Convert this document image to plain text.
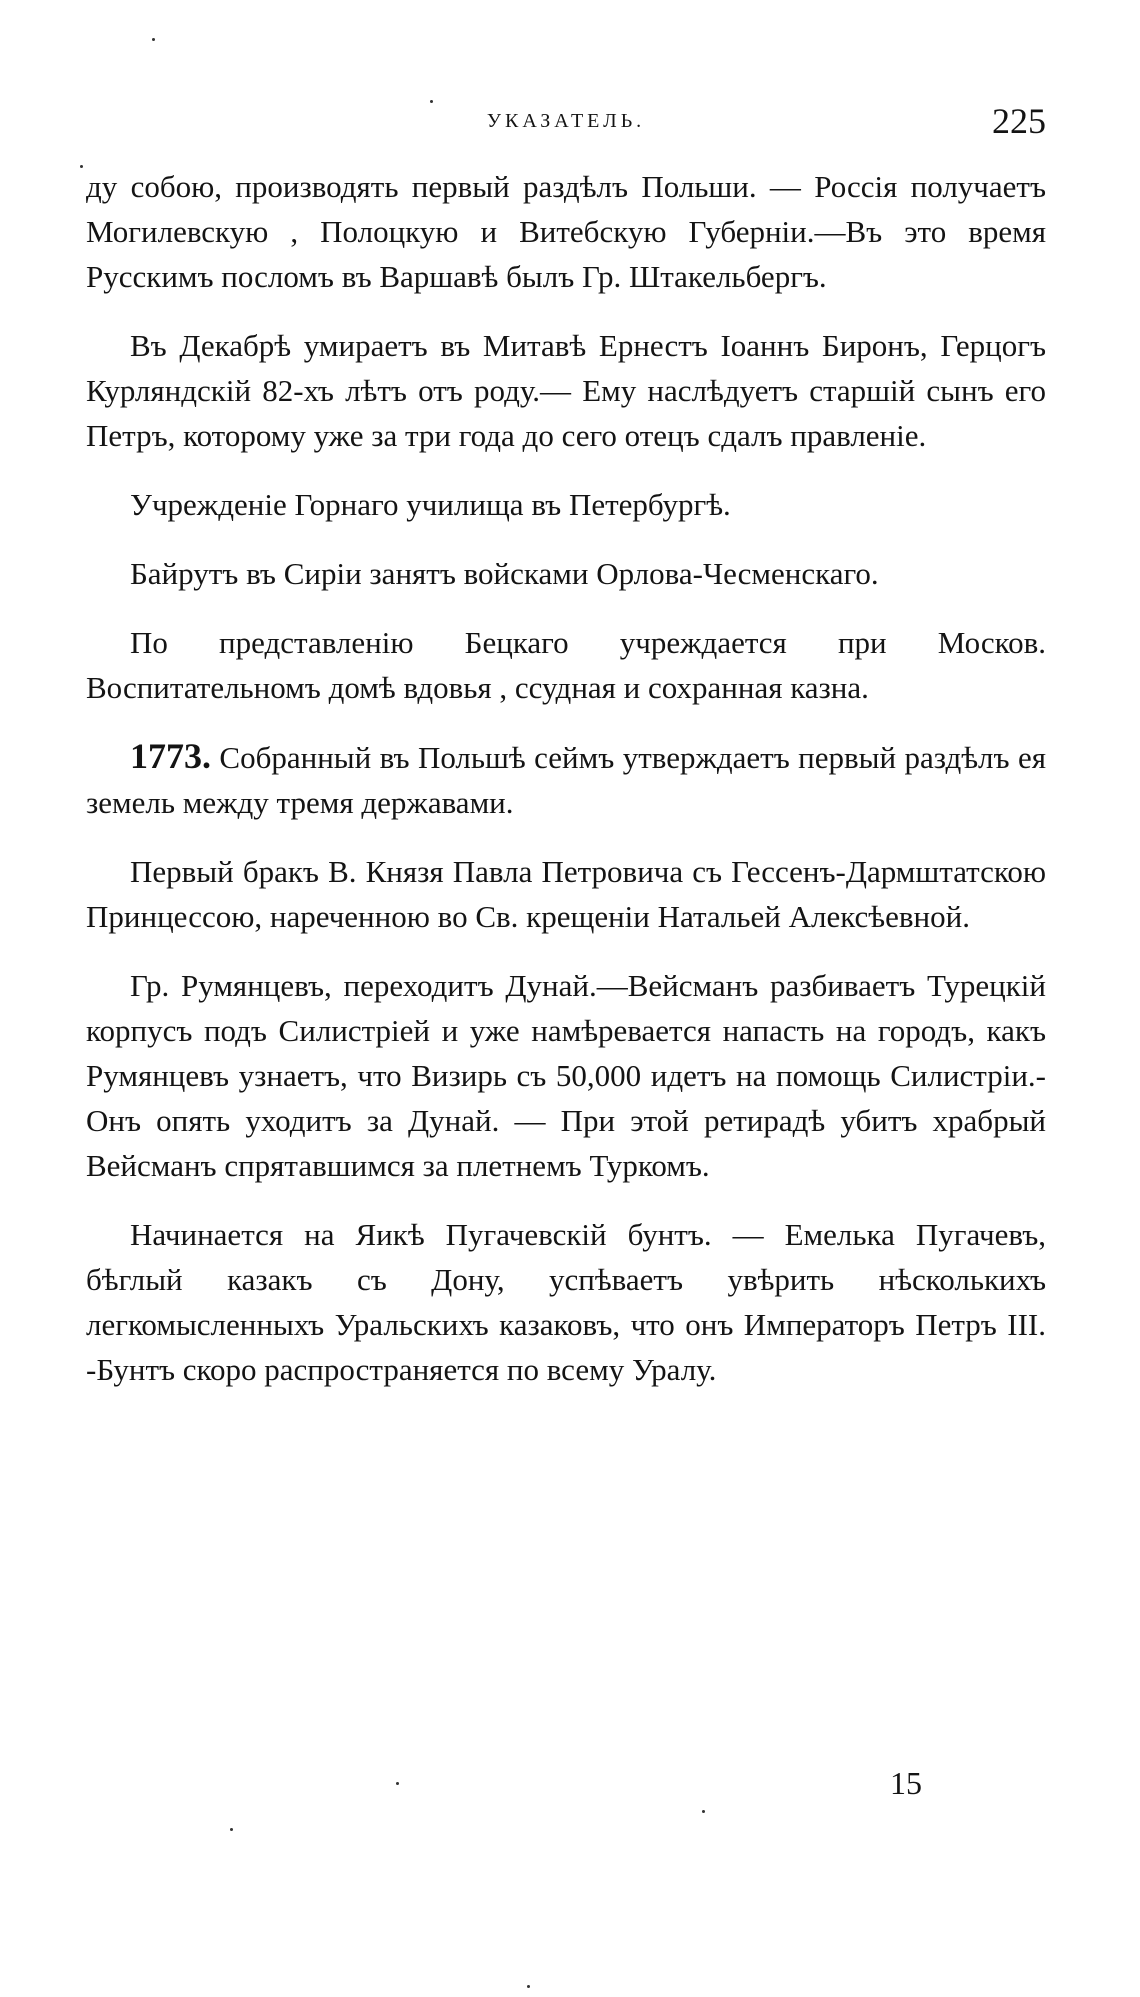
УКАЗАТЕЛЬ.	225

ду собою, производять первый раздѣлъ Польши. — Россія получаетъ Могилевскую , Полоцкую и Витебскую Губерніи.—Въ это время Русскимъ посломъ въ Варшавѣ былъ Гр. Штакельбергъ.

Въ Декабрѣ умираетъ въ Митавѣ Ернестъ Іоаннъ Биронъ, Герцогъ Курляндскій 82-хъ лѣтъ отъ роду.— Ему наслѣдуетъ старшій сынъ его Петръ, которому уже за три года до сего отецъ сдалъ правленіе.

Учрежденіе Горнаго училища въ Петербургѣ.

Байрутъ въ Сиріи занятъ войсками Орлова-Чесменскаго.

По представленію Бецкаго учреждается при Москов. Воспитательномъ домѣ вдовья , ссудная и сохранная казна.

1773. Собранный въ Польшѣ сеймъ утверждаетъ первый раздѣлъ ея земель между тремя державами.

Первый бракъ В. Князя Павла Петровича съ Гессенъ-Дармштатскою Принцессою, нареченною во Св. крещеніи Натальей Алексѣевной.

Гр. Румянцевъ, переходитъ Дунай.—Вейсманъ разбиваетъ Турецкій корпусъ подъ Силистріей и уже намѣревается напасть на городъ, какъ Румянцевъ узнаетъ, что Визирь съ 50,000 идетъ на помощь Силистріи.-Онъ опять уходитъ за Дунай. — При этой ретирадѣ убитъ храбрый Вейсманъ спрятавшимся за плетнемъ Туркомъ.

Начинается на Яикѣ Пугачевскій бунтъ. — Емелька Пугачевъ, бѣглый казакъ съ Дону, успѣваетъ увѣрить нѣсколькихъ легкомысленныхъ Уральскихъ казаковъ, что онъ Императоръ Петръ III. -Бунтъ скоро распространяется по всему Уралу.

15
